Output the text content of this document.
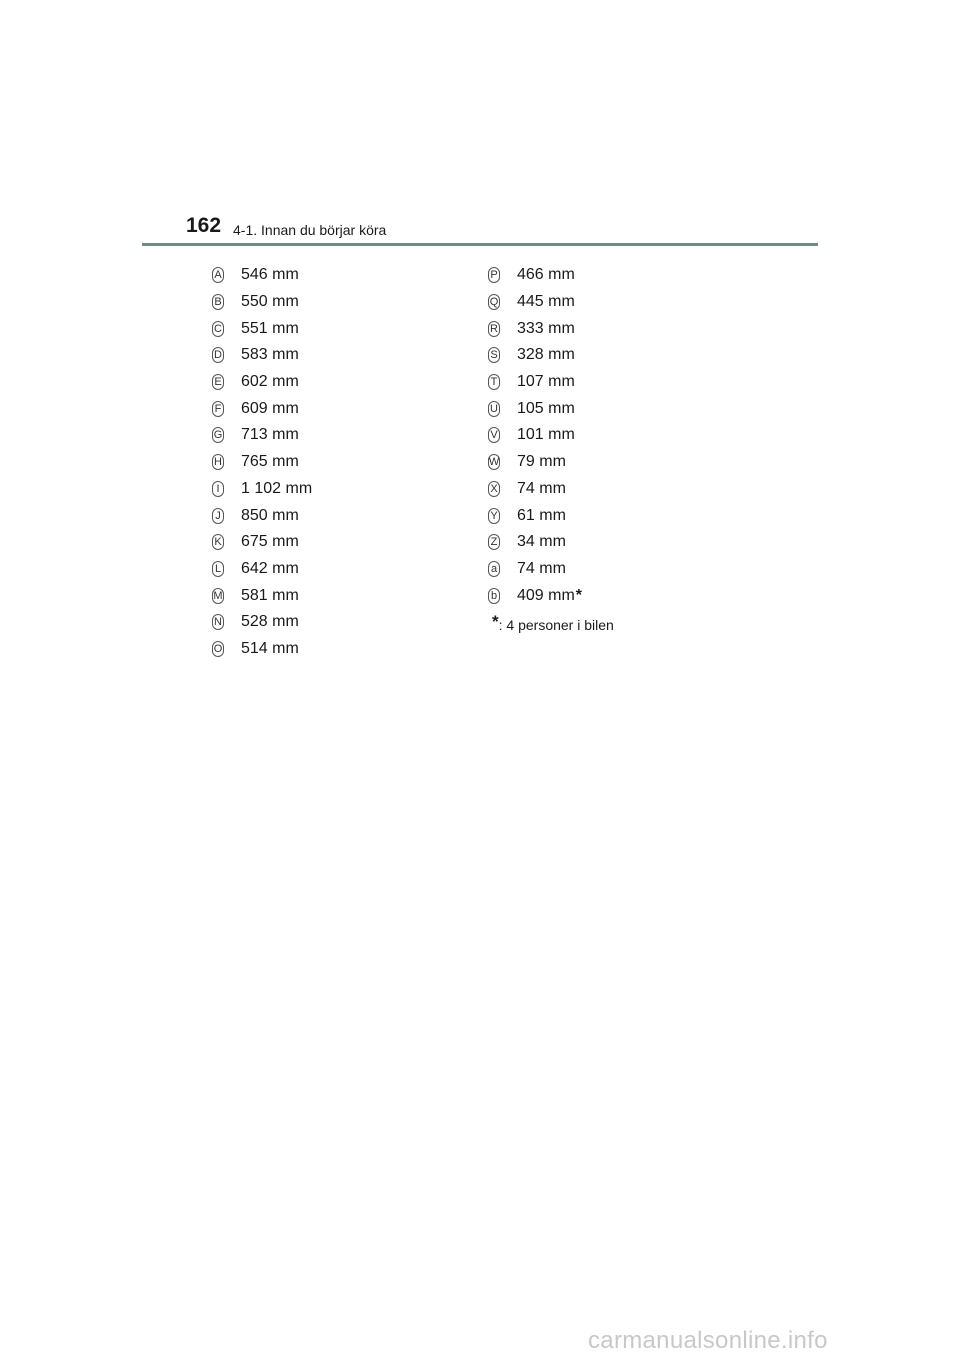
162 4-1. Innan du börjar köra
A 546 mm
B 550 mm
C 551 mm
D 583 mm
E 602 mm
F 609 mm
G 713 mm
H 765 mm
I 1 102 mm
J 850 mm
K 675 mm
L 642 mm
M 581 mm
N 528 mm
O 514 mm
P 466 mm
Q 445 mm
R 333 mm
S 328 mm
T 107 mm
U 105 mm
V 101 mm
W 79 mm
X 74 mm
Y 61 mm
Z 34 mm
a 74 mm
b 409 mm *
*: 4 personer i bilen
carmanualsonline.info
